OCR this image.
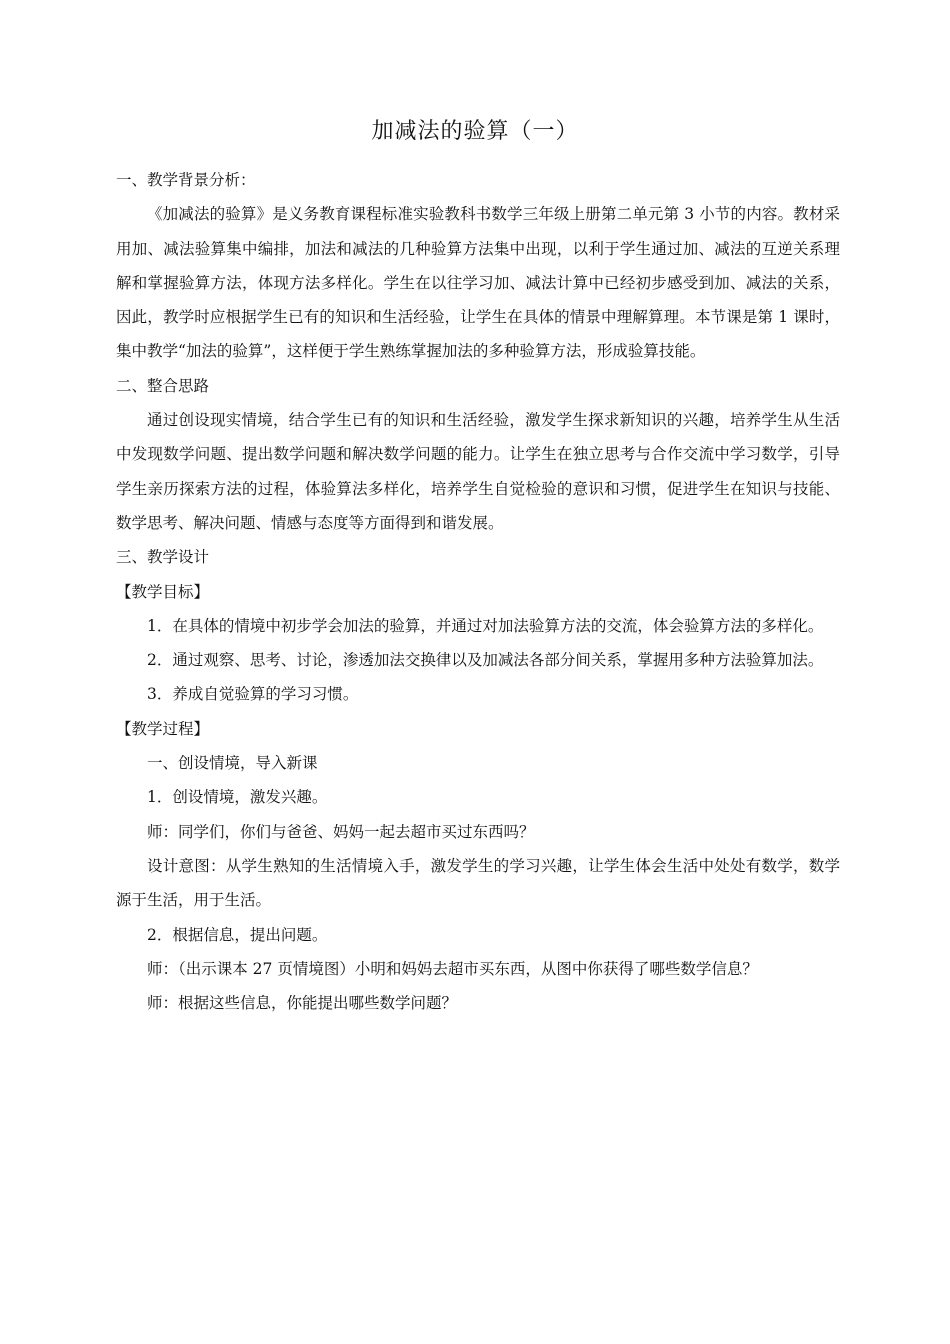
加减法的验算（一）

一、教学背景分析：

《加减法的验算》是义务教育课程标准实验教科书数学三年级上册第二单元第 3 小节的内容。教材采用加、减法验算集中编排，加法和减法的几种验算方法集中出现，以利于学生通过加、减法的互逆关系理解和掌握验算方法，体现方法多样化。学生在以往学习加、减法计算中已经初步感受到加、减法的关系，因此，教学时应根据学生已有的知识和生活经验，让学生在具体的情景中理解算理。本节课是第 1 课时，集中教学“加法的验算”，这样便于学生熟练掌握加法的多种验算方法，形成验算技能。

二、整合思路

通过创设现实情境，结合学生已有的知识和生活经验，激发学生探求新知识的兴趣，培养学生从生活中发现数学问题、提出数学问题和解决数学问题的能力。让学生在独立思考与合作交流中学习数学，引导学生亲历探索方法的过程，体验算法多样化，培养学生自觉检验的意识和习惯，促进学生在知识与技能、数学思考、解决问题、情感与态度等方面得到和谐发展。

三、教学设计

【教学目标】

1．在具体的情境中初步学会加法的验算，并通过对加法验算方法的交流，体会验算方法的多样化。

2．通过观察、思考、讨论，渗透加法交换律以及加减法各部分间关系，掌握用多种方法验算加法。

3．养成自觉验算的学习习惯。

【教学过程】

一、创设情境，导入新课

1．创设情境，激发兴趣。

师：同学们，你们与爸爸、妈妈一起去超市买过东西吗？

设计意图：从学生熟知的生活情境入手，激发学生的学习兴趣，让学生体会生活中处处有数学，数学源于生活，用于生活。

2．根据信息，提出问题。

师：（出示课本 27 页情境图）小明和妈妈去超市买东西，从图中你获得了哪些数学信息？

师：根据这些信息，你能提出哪些数学问题？
